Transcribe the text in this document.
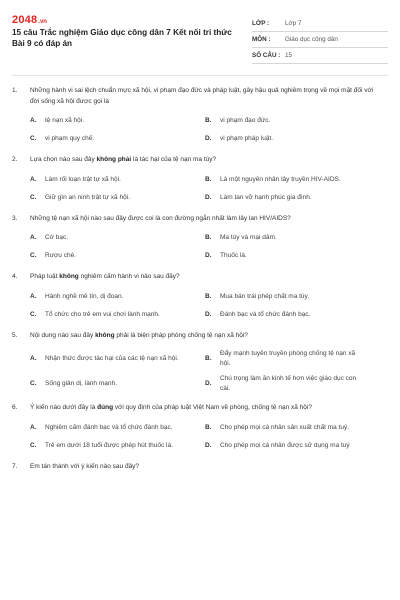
2048 .vn
15 câu Trắc nghiệm Giáo dục công dân 7 Kết nối tri thức Bài 9 có đáp án
LỚP :	Lớp 7
MÔN :	Giáo dục công dân
SỐ CÂU :	15
1.	Những hành vi sai lệch chuẩn mực xã hội, vi phạm đạo đức và pháp luật, gây hậu quả nghiêm trọng về mọi mặt đối với đời sống xã hội được gọi là
A.	tệ nạn xã hội.	B.	vi phạm đạo đức.
C.	vi phạm quy chế.	D.	vi phạm pháp luật.
2.	Lựa chọn nào sau đây không phải là tác hại của tệ nạn ma túy?
A.	Làm rối loạn trật tự xã hội.	B.	Là một nguyên nhân lây truyền HIV-AIDS.
C.	Giữ gìn an ninh trật tự xã hội.	D.	Làm tan vỡ hạnh phúc gia đình.
3.	Những tệ nạn xã hội nào sau đây được coi là con đường ngắn nhất làm lây lan HIV/AIDS?
A.	Cờ bạc.	B.	Ma túy và mại dâm.
C.	Rượu chè.	D.	Thuốc lá.
4.	Pháp luật không nghiêm cấm hành vi nào sau đây?
A.	Hành nghề mê tín, dị đoan.	B.	Mua bán trái phép chất ma túy.
C.	Tổ chức cho trẻ em vui chơi lành mạnh.	D.	Đánh bạc và tổ chức đánh bạc.
5.	Nội dung nào sau đây không phải là biện pháp phòng chống tệ nạn xã hội?
A.	Nhận thức được tác hại của các tệ nạn xã hội.	B.
Đẩy mạnh tuyên truyền phòng chống tệ nạn xã hội.
C.	Sống giản dị, lành mạnh.	D.
Chú trọng làm ăn kinh tế hơn việc giáo dục con cái.
6.	Ý kiến nào dưới đây là đúng với quy định của pháp luật Việt Nam về phòng, chống tệ nạn xã hội?
A.	Nghiêm cấm đánh bạc và tổ chức đánh bạc.	B.	Cho phép mọi cá nhân sản xuất chất ma tuý.
C.	Trẻ em dưới 18 tuổi được phép hút thuốc lá.	D.	Cho phép mọi cá nhân được sử dụng ma tuý
7.	Em tán thành với ý kiến nào sau đây?
